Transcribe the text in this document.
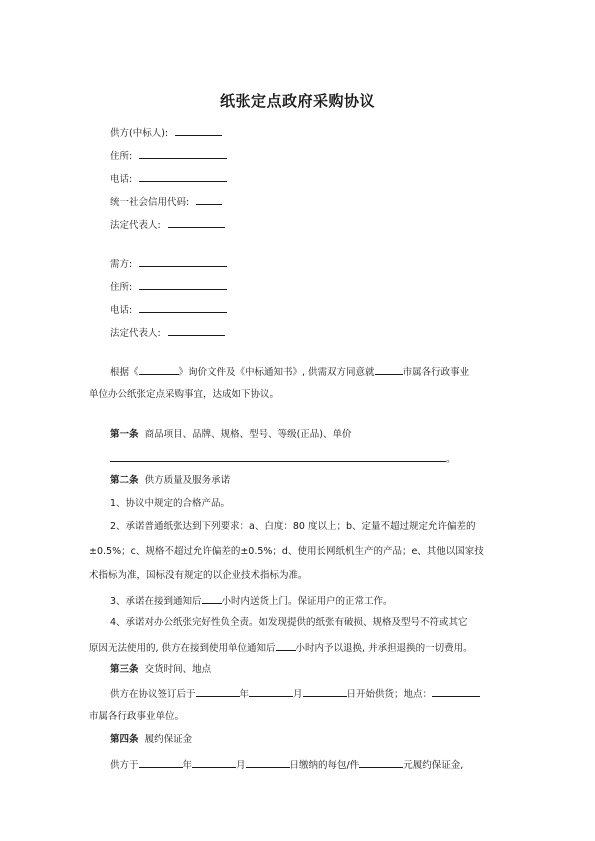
纸张定点政府采购协议
供方(中标人):
住所:
电话:
统一社会信用代码:
法定代表人:
需方:
住所:
电话:
法定代表人:
根据《	》询价文件及《中标通知书》, 供需双方同意就	市属各行政事业
单位办公纸张定点采购事宜，达成如下协议。
第一条 商品项目、品牌、规格、型号、等级(正品)、单价
。
第二条 供方质量及服务承诺
1、协议中规定的合格产品。
2、承诺普通纸张达到下列要求：a、白度：80 度以上；b、定量不超过规定允许偏差的
±0.5%；c、规格不超过允许偏差的±0.5%；d、使用长网纸机生产的产品；e、其他以国家技
术指标为准，国标没有规定的以企业技术指标为准。
3、承诺在接到通知后 小时内送货上门。保证用户的正常工作。
4、承诺对办公纸张完好性负全责。如发现提供的纸张有破损、规格及型号不符或其它
原因无法使用的, 供方在接到使用单位通知后 小时内予以退换, 并承担退换的一切费用。
第三条 交货时间、地点
供方在协议签订后于	年	月	日开始供货；地点：
市属各行政事业单位。
第四条 履约保证金
供方于	年	月	日缴纳的每包/件	元履约保证金,
